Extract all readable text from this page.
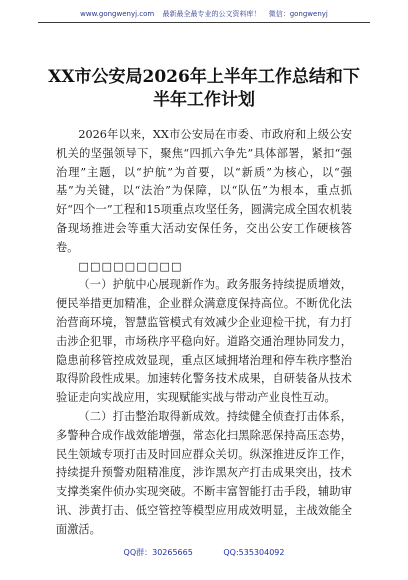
www.gongwenyj.com 最新最全最专业的公文资料库！ 微信：gongwenyj
XX市公安局2026年上半年工作总结和下
半年工作计划

2026年以来，XX市公安局在市委、市政府和上级公安机关的坚强领导下，聚焦“四抓六争先”具体部署，紧扣“强治理”主题，以“护航”为首要，以“新质”为核心，以“强基”为关键，以“法治”为保障，以“队伍”为根本，重点抓好“四个一”工程和15项重点攻坚任务，圆满完成全国农机装备现场推进会等重大活动安保任务，交出公安工作硬核答卷。

□□□□□□□□□

（一）护航中心展现新作为。政务服务持续提质增效，便民举措更加精准，企业群众满意度保持高位。不断优化法治营商环境，智慧监管模式有效减少企业迎检干扰，有力打击涉企犯罪，市场秩序平稳向好。道路交通治理协同发力，隐患前移管控成效显现，重点区域拥堵治理和停车秩序整治取得阶段性成果。加速转化警务技术成果，自研装备从技术验证走向实战应用，实现赋能实战与带动产业良性互动。

（二）打击整治取得新成效。持续健全侦查打击体系，多警种合成作战效能增强，常态化扫黑除恶保持高压态势，民生领域专项打击及时回应群众关切。纵深推进反诈工作，持续提升预警劝阻精准度，涉诈黑灰产打击成果突出，技术支撑类案件侦办实现突破。不断丰富智能打击手段，辅助审讯、涉黄打击、低空管控等模型应用成效明显，主战效能全面激活。

QQ群：30265665	QQ:535304092
